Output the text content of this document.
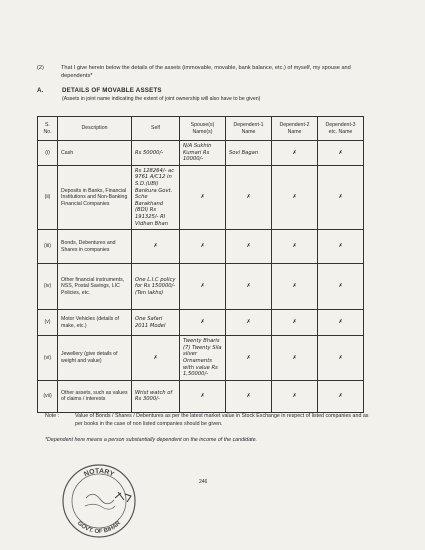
(2)	That I give herein below the details of the assets (immovable, movable, bank balance, etc.) of myself, my spouse and dependents*
A.	DETAILS OF MOVABLE ASSETS
(Assets in joint name indicating the extent of joint ownership will also have to be given)
S. No.	Description	Self	Spouse(s) Name(s)	Dependent-1 Name	Dependent-2 Name	Dependent-3 etc. Name
(i)	Cash	Rs 50000/-	N/A Sukhin Kumari Rs 10000/-	Sovi Bagan	✗	✗
(ii)	Deposits in Banks, Financial Institutions and Non-Banking Financial Companies	Rs 128264/- ac 9761 A/C12 in S.D.(UBI) Bankura Govt. Sche Barakhand (BDI) Rs 191325/- RI Vidhan Bhan	✗	✗	✗	✗
(iii)	Bonds, Debentures and Shares in companies	✗	✗	✗	✗	✗
(iv)	Other financial instruments, NSS, Postal Savings, LIC Policies, etc.	One L.I.C policy for Rs 150000/- (Ten lakhs)	✗	✗	✗	✗
(v)	Motor Vehicles (details of make, etc.)	One Safari 2011 Model	✗	✗	✗	✗
(vi)	Jewellery (give details of weight and value)	✗	Twenty Bharis (7) Twenty Sila silver Ornaments with value Rs 1,50000/-	✗	✗	✗
(vii)	Other assets, such as values of claims / interests	Wrist watch of Rs 3000/-	✗	✗	✗	✗
Note :	Value of Bonds / Shares / Debentures as per the latest market value in Stock Exchange in respect of listed companies and as per books in the case of non listed companies should be given.
*Dependent here means a person substantially dependent on the income of the candidate.
246
NOTARY
GOVT. OF BIHAR
